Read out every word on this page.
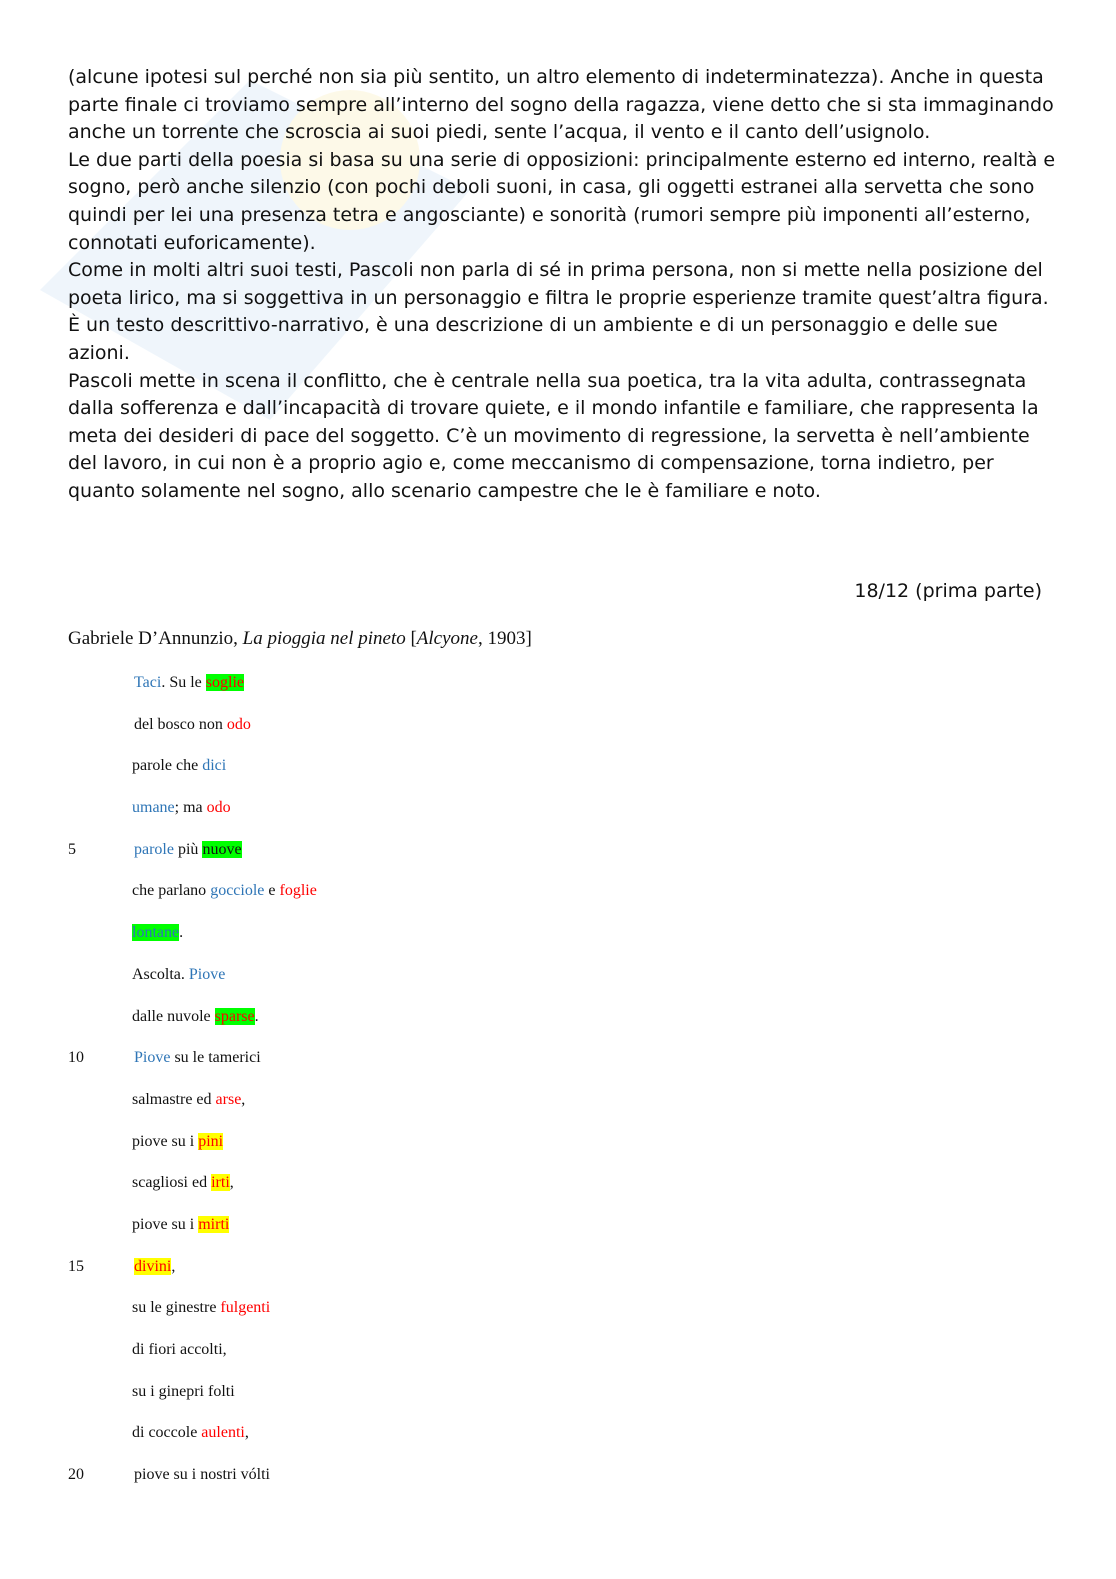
(alcune ipotesi sul perché non sia più sentito, un altro elemento di indeterminatezza). Anche in questa parte finale ci troviamo sempre all’interno del sogno della ragazza, viene detto che si sta immaginando anche un torrente che scroscia ai suoi piedi, sente l’acqua, il vento e il canto dell’usignolo.

Le due parti della poesia si basa su una serie di opposizioni: principalmente esterno ed interno, realtà e sogno, però anche silenzio (con pochi deboli suoni, in casa, gli oggetti estranei alla servetta che sono quindi per lei una presenza tetra e angosciante) e sonorità (rumori sempre più imponenti all’esterno, connotati euforicamente).

Come in molti altri suoi testi, Pascoli non parla di sé in prima persona, non si mette nella posizione del poeta lirico, ma si soggettiva in un personaggio e filtra le proprie esperienze tramite quest’altra figura. È un testo descrittivo-narrativo, è una descrizione di un ambiente e di un personaggio e delle sue azioni.

Pascoli mette in scena il conflitto, che è centrale nella sua poetica, tra la vita adulta, contrassegnata dalla sofferenza e dall’incapacità di trovare quiete, e il mondo infantile e familiare, che rappresenta la meta dei desideri di pace del soggetto. C’è un movimento di regressione, la servetta è nell’ambiente del lavoro, in cui non è a proprio agio e, come meccanismo di compensazione, torna indietro, per quanto solamente nel sogno, allo scenario campestre che le è familiare e noto.

18/12 (prima parte)
Gabriele D’Annunzio, La pioggia nel pineto [Alcyone, 1903]
Taci. Su le soglie
del bosco non odo
parole che dici
umane; ma odo
5	parole più nuove
che parlano gocciole e foglie
lontane.
Ascolta. Piove
dalle nuvole sparse.
10	Piove su le tamerici
salmastre ed arse,
piove su i pini
scagliosi ed irti,
piove su i mirti
15	divini,
su le ginestre fulgenti
di fiori accolti,
su i ginepri folti
di coccole aulenti,
20	piove su i nostri vólti
